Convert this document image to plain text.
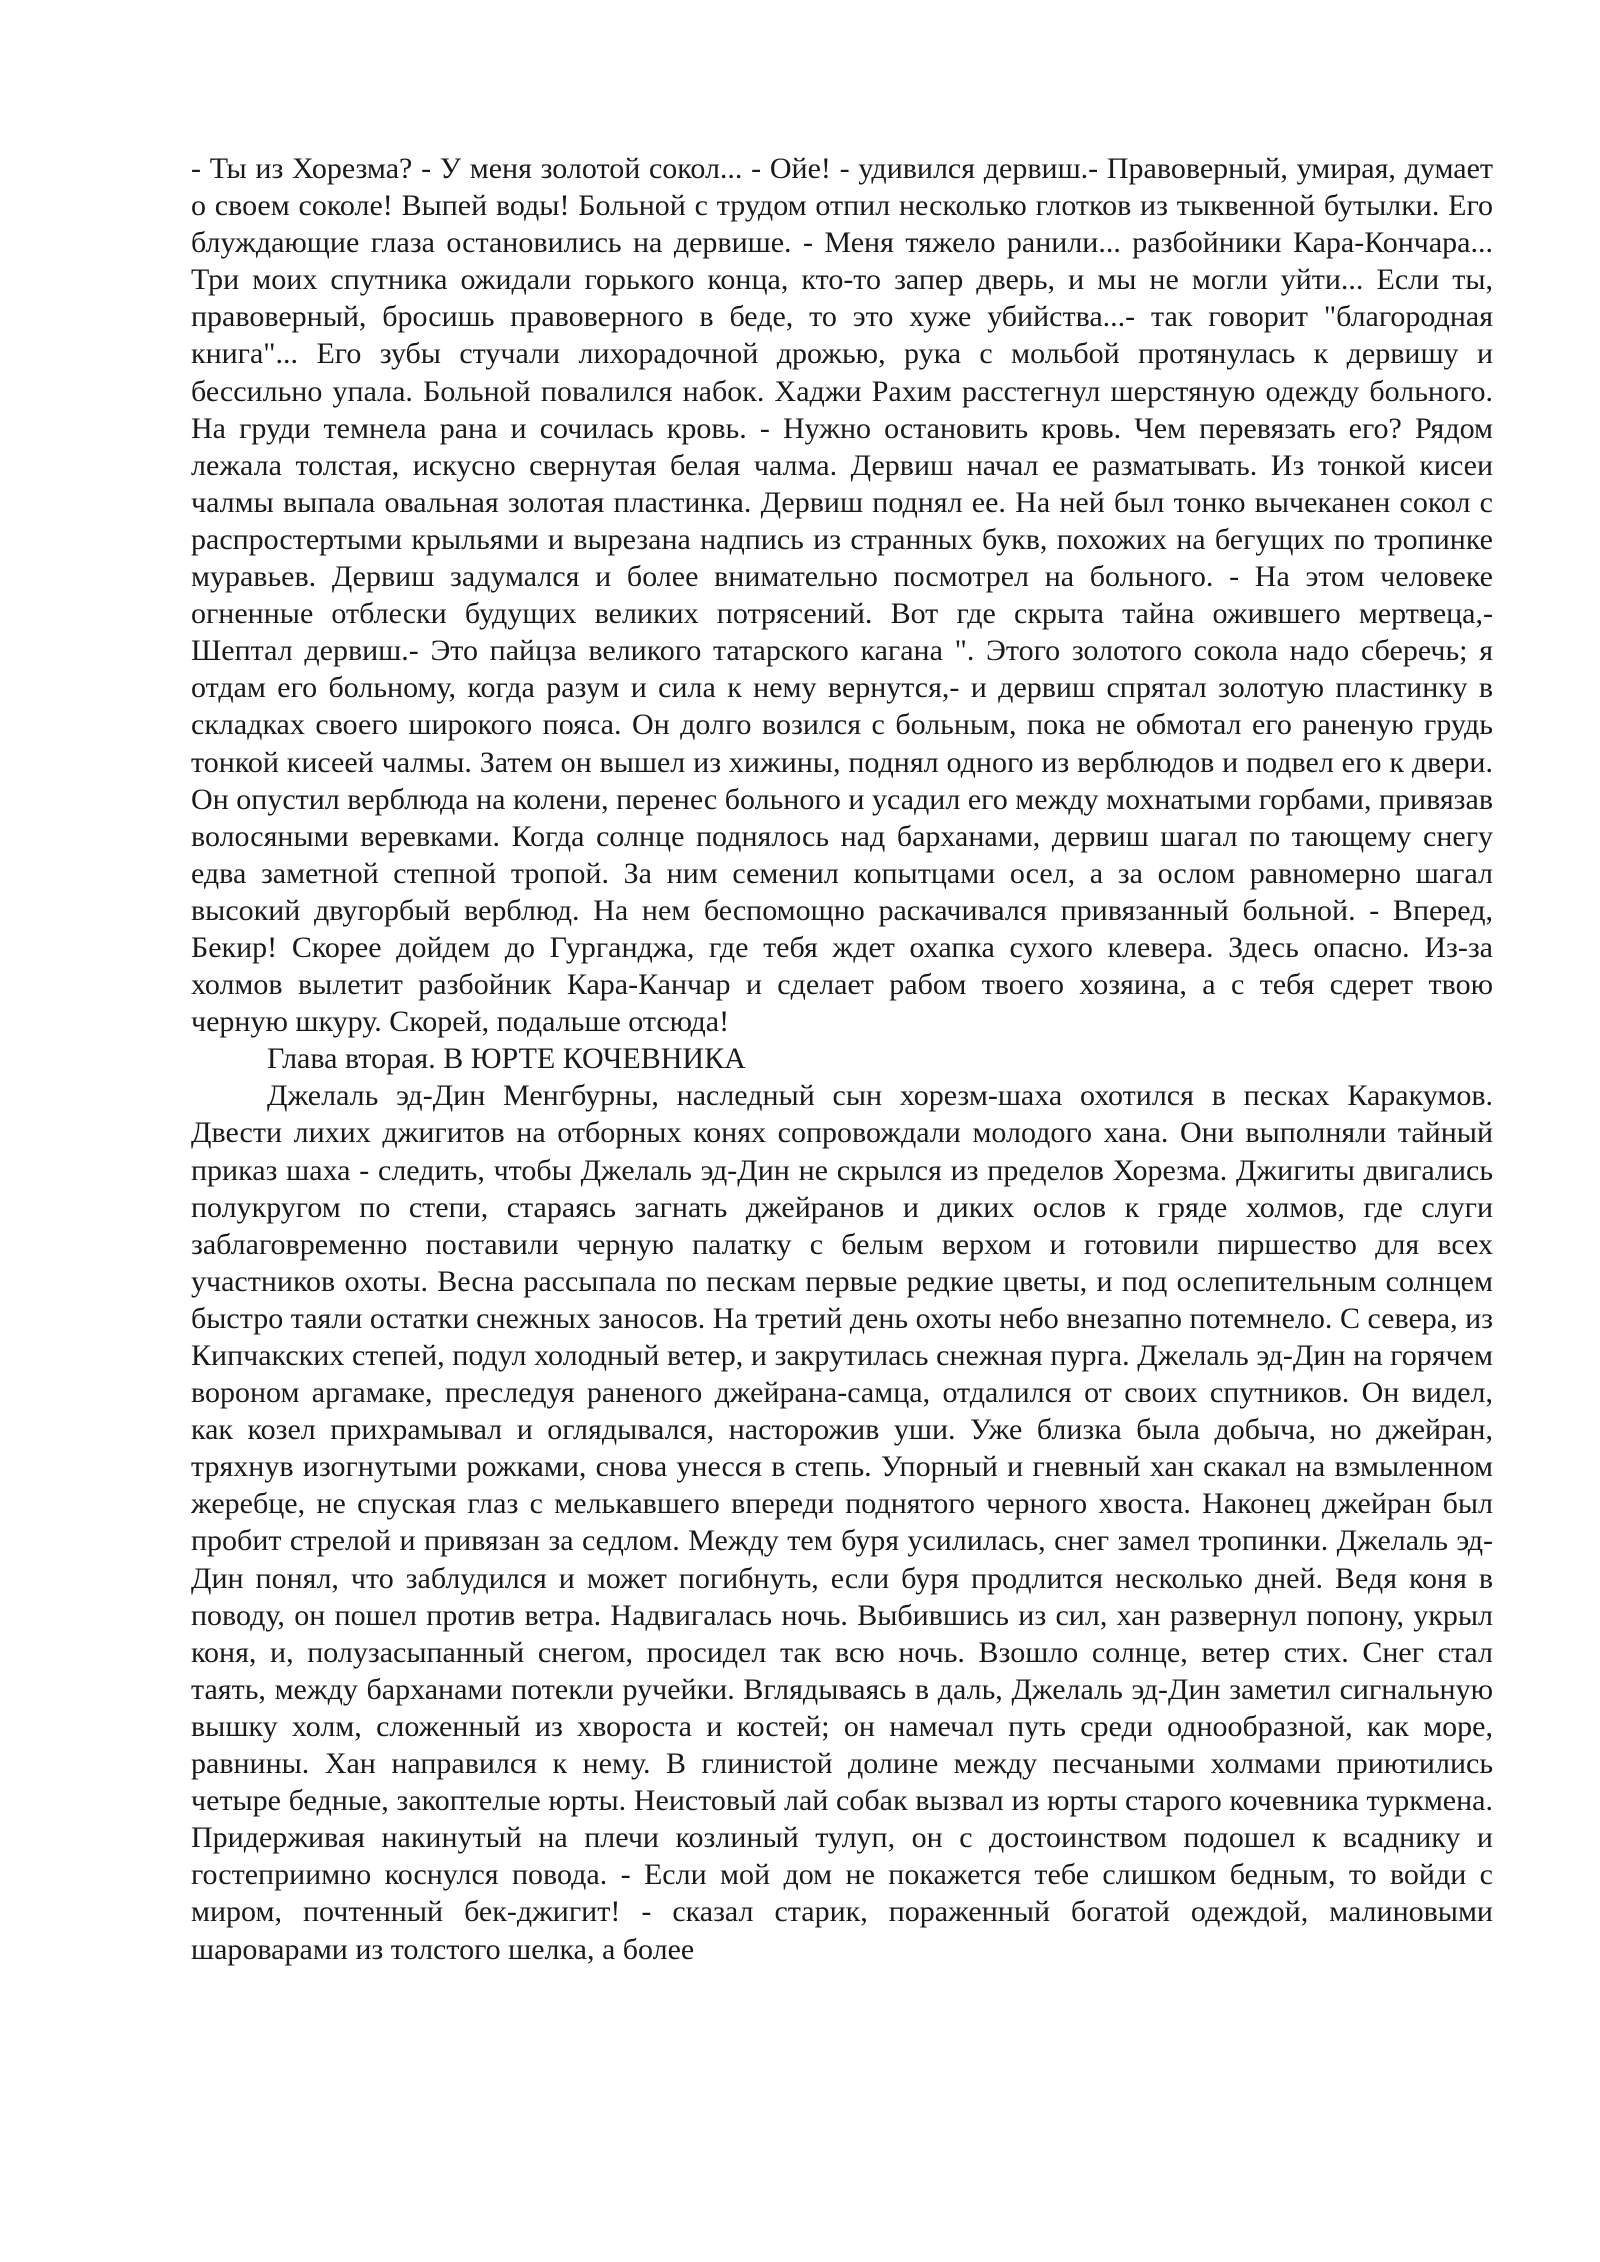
- Ты из Хорезма? - У меня золотой сокол... - Ойе! - удивился дервиш.- Правоверный, умирая, думает о своем соколе! Выпей воды! Больной с трудом отпил несколько глотков из тыквенной бутылки. Его блуждающие глаза остановились на дервише. - Меня тяжело ранили... разбойники Кара-Кончара... Три моих спутника ожидали горького конца, кто-то запер дверь, и мы не могли уйти... Если ты, правоверный, бросишь правоверного в беде, то это хуже убийства...- так говорит "благородная книга"... Его зубы стучали лихорадочной дрожью, рука с мольбой протянулась к дервишу и бессильно упала. Больной повалился набок. Хаджи Рахим расстегнул шерстяную одежду больного. На груди темнела рана и сочилась кровь. - Нужно остановить кровь. Чем перевязать его? Рядом лежала толстая, искусно свернутая белая чалма. Дервиш начал ее разматывать. Из тонкой кисеи чалмы выпала овальная золотая пластинка. Дервиш поднял ее. На ней был тонко вычеканен сокол с распростертыми крыльями и вырезана надпись из странных букв, похожих на бегущих по тропинке муравьев. Дервиш задумался и более внимательно посмотрел на больного. - На этом человеке огненные отблески будущих великих потрясений. Вот где скрыта тайна ожившего мертвеца,- Шептал дервиш.- Это пайцза великого татарского кагана ". Этого золотого сокола надо сберечь; я отдам его больному, когда разум и сила к нему вернутся,- и дервиш спрятал золотую пластинку в складках своего широкого пояса. Он долго возился с больным, пока не обмотал его раненую грудь тонкой кисеей чалмы. Затем он вышел из хижины, поднял одного из верблюдов и подвел его к двери. Он опустил верблюда на колени, перенес больного и усадил его между мохнатыми горбами, привязав волосяными веревками. Когда солнце поднялось над барханами, дервиш шагал по тающему снегу едва заметной степной тропой. За ним семенил копытцами осел, а за ослом равномерно шагал высокий двугорбый верблюд. На нем беспомощно раскачивался привязанный больной. - Вперед, Бекир! Скорее дойдем до Гурганджа, где тебя ждет охапка сухого клевера. Здесь опасно. Из-за холмов вылетит разбойник Кара-Канчар и сделает рабом твоего хозяина, а с тебя сдерет твою черную шкуру. Скорей, подальше отсюда!

Глава вторая. В ЮРТЕ КОЧЕВНИКА

Джелаль эд-Дин Менгбурны, наследный сын хорезм-шаха охотился в песках Каракумов. Двести лихих джигитов на отборных конях сопровождали молодого хана. Они выполняли тайный приказ шаха - следить, чтобы Джелаль эд-Дин не скрылся из пределов Хорезма. Джигиты двигались полукругом по степи, стараясь загнать джейранов и диких ослов к гряде холмов, где слуги заблаговременно поставили черную палатку с белым верхом и готовили пиршество для всех участников охоты. Весна рассыпала по пескам первые редкие цветы, и под ослепительным солнцем быстро таяли остатки снежных заносов. На третий день охоты небо внезапно потемнело. С севера, из Кипчакских степей, подул холодный ветер, и закрутилась снежная пурга. Джелаль эд-Дин на горячем вороном аргамаке, преследуя раненого джейрана-самца, отдалился от своих спутников. Он видел, как козел прихрамывал и оглядывался, насторожив уши. Уже близка была добыча, но джейран, тряхнув изогнутыми рожками, снова унесся в степь. Упорный и гневный хан скакал на взмыленном жеребце, не спуская глаз с мелькавшего впереди поднятого черного хвоста. Наконец джейран был пробит стрелой и привязан за седлом. Между тем буря усилилась, снег замел тропинки. Джелаль эд-Дин понял, что заблудился и может погибнуть, если буря продлится несколько дней. Ведя коня в поводу, он пошел против ветра. Надвигалась ночь. Выбившись из сил, хан развернул попону, укрыл коня, и, полузасыпанный снегом, просидел так всю ночь. Взошло солнце, ветер стих. Снег стал таять, между барханами потекли ручейки. Вглядываясь в даль, Джелаль эд-Дин заметил сигнальную вышку холм, сложенный из хвороста и костей; он намечал путь среди однообразной, как море, равнины. Хан направился к нему. В глинистой долине между песчаными холмами приютились четыре бедные, закоптелые юрты. Неистовый лай собак вызвал из юрты старого кочевника туркмена. Придерживая накинутый на плечи козлиный тулуп, он с достоинством подошел к всаднику и гостеприимно коснулся повода. - Если мой дом не покажется тебе слишком бедным, то войди с миром, почтенный бек-джигит! - сказал старик, пораженный богатой одеждой, малиновыми шароварами из толстого шелка, а более
